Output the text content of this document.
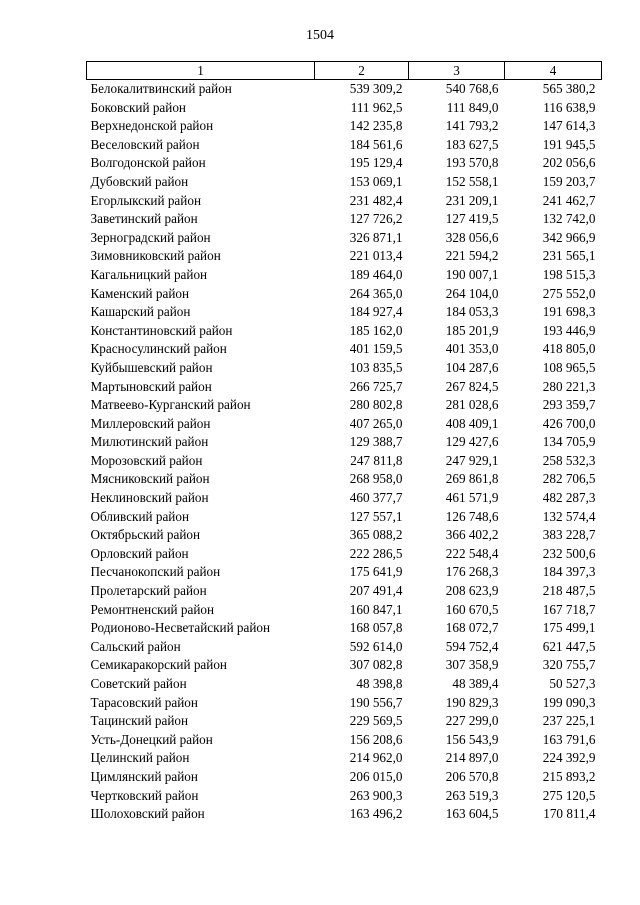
1504
1	2	3	4
Белокалитвинский район	539 309,2	540 768,6	565 380,2
Боковский район	111 962,5	111 849,0	116 638,9
Верхнедонской район	142 235,8	141 793,2	147 614,3
Веселовский район	184 561,6	183 627,5	191 945,5
Волгодонской район	195 129,4	193 570,8	202 056,6
Дубовский район	153 069,1	152 558,1	159 203,7
Егорлыкский район	231 482,4	231 209,1	241 462,7
Заветинский район	127 726,2	127 419,5	132 742,0
Зерноградский район	326 871,1	328 056,6	342 966,9
Зимовниковский район	221 013,4	221 594,2	231 565,1
Кагальницкий район	189 464,0	190 007,1	198 515,3
Каменский район	264 365,0	264 104,0	275 552,0
Кашарский район	184 927,4	184 053,3	191 698,3
Константиновский район	185 162,0	185 201,9	193 446,9
Красносулинский район	401 159,5	401 353,0	418 805,0
Куйбышевский район	103 835,5	104 287,6	108 965,5
Мартыновский район	266 725,7	267 824,5	280 221,3
Матвеево-Курганский район	280 802,8	281 028,6	293 359,7
Миллеровский район	407 265,0	408 409,1	426 700,0
Милютинский район	129 388,7	129 427,6	134 705,9
Морозовский район	247 811,8	247 929,1	258 532,3
Мясниковский район	268 958,0	269 861,8	282 706,5
Неклиновский район	460 377,7	461 571,9	482 287,3
Обливский район	127 557,1	126 748,6	132 574,4
Октябрьский район	365 088,2	366 402,2	383 228,7
Орловский район	222 286,5	222 548,4	232 500,6
Песчанокопский район	175 641,9	176 268,3	184 397,3
Пролетарский район	207 491,4	208 623,9	218 487,5
Ремонтненский район	160 847,1	160 670,5	167 718,7
Родионово-Несветайский район	168 057,8	168 072,7	175 499,1
Сальский район	592 614,0	594 752,4	621 447,5
Семикаракорский район	307 082,8	307 358,9	320 755,7
Советский район	48 398,8	48 389,4	50 527,3
Тарасовский район	190 556,7	190 829,3	199 090,3
Тацинский район	229 569,5	227 299,0	237 225,1
Усть-Донецкий район	156 208,6	156 543,9	163 791,6
Целинский район	214 962,0	214 897,0	224 392,9
Цимлянский район	206 015,0	206 570,8	215 893,2
Чертковский район	263 900,3	263 519,3	275 120,5
Шолоховский район	163 496,2	163 604,5	170 811,4
